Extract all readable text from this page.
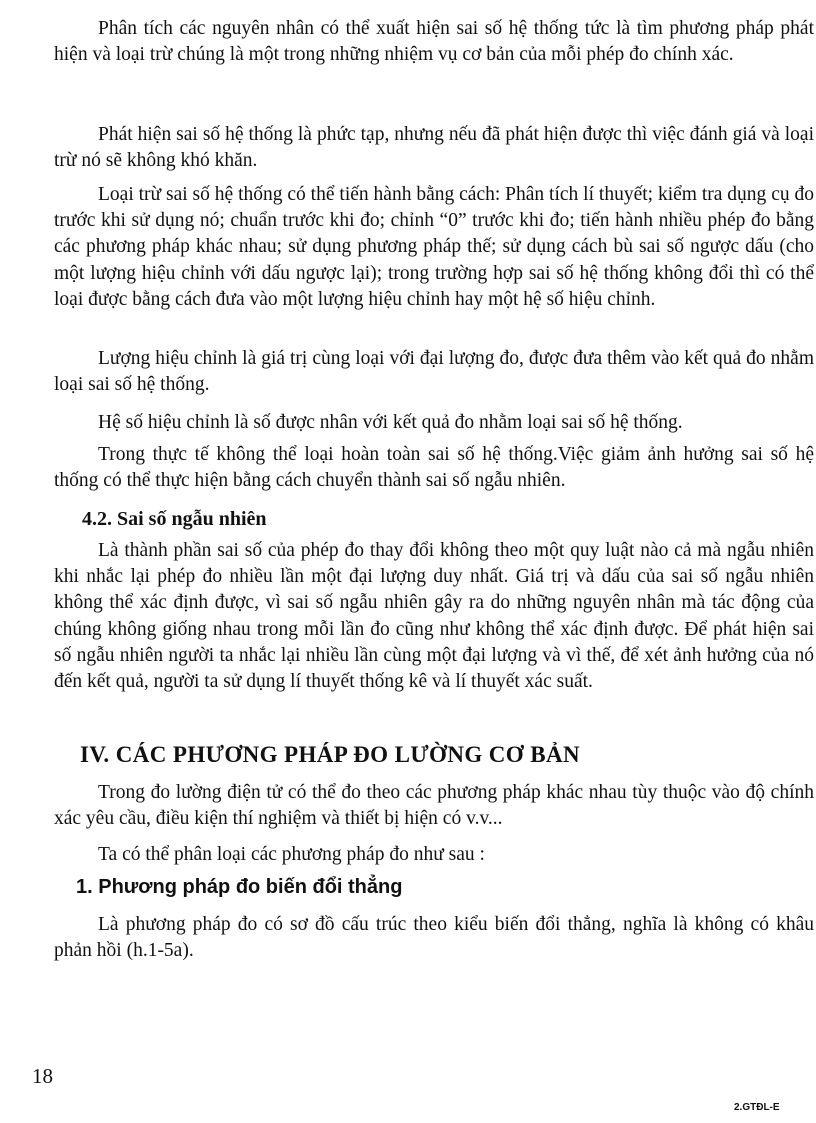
Phân tích các nguyên nhân có thể xuất hiện sai số hệ thống tức là tìm phương pháp phát hiện và loại trừ chúng là một trong những nhiệm vụ cơ bản của mỗi phép đo chính xác.

Phát hiện sai số hệ thống là phức tạp, nhưng nếu đã phát hiện được thì việc đánh giá và loại trừ nó sẽ không khó khăn.

Loại trừ sai số hệ thống có thể tiến hành bằng cách: Phân tích lí thuyết; kiểm tra dụng cụ đo trước khi sử dụng nó; chuẩn trước khi đo; chỉnh “0” trước khi đo; tiến hành nhiều phép đo bằng các phương pháp khác nhau; sử dụng phương pháp thế; sử dụng cách bù sai số ngược dấu (cho một lượng hiệu chỉnh với dấu ngược lại); trong trường hợp sai số hệ thống không đổi thì có thể loại được bằng cách đưa vào một lượng hiệu chỉnh hay một hệ số hiệu chỉnh.

Lượng hiệu chỉnh là giá trị cùng loại với đại lượng đo, được đưa thêm vào kết quả đo nhằm loại sai số hệ thống.

Hệ số hiệu chỉnh là số được nhân với kết quả đo nhằm loại sai số hệ thống.

Trong thực tế không thể loại hoàn toàn sai số hệ thống.Việc giảm ảnh hưởng sai số hệ thống có thể thực hiện bằng cách chuyển thành sai số ngẫu nhiên.

4.2. Sai số ngẫu nhiên

Là thành phần sai số của phép đo thay đổi không theo một quy luật nào cả mà ngẫu nhiên khi nhắc lại phép đo nhiều lần một đại lượng duy nhất. Giá trị và dấu của sai số ngẫu nhiên không thể xác định được, vì sai số ngẫu nhiên gây ra do những nguyên nhân mà tác động của chúng không giống nhau trong mỗi lần đo cũng như không thể xác định được. Để phát hiện sai số ngẫu nhiên người ta nhắc lại nhiều lần cùng một đại lượng và vì thế, để xét ảnh hưởng của nó đến kết quả, người ta sử dụng lí thuyết thống kê và lí thuyết xác suất.

IV. CÁC PHƯƠNG PHÁP ĐO LƯỜNG CƠ BẢN

Trong đo lường điện tử có thể đo theo các phương pháp khác nhau tùy thuộc vào độ chính xác yêu cầu, điều kiện thí nghiệm và thiết bị hiện có v.v...

Ta có thể phân loại các phương pháp đo như sau :

1. Phương pháp đo biến đổi thẳng

Là phương pháp đo có sơ đồ cấu trúc theo kiểu biến đổi thẳng, nghĩa là không có khâu phản hồi (h.1-5a).

18
2.GTĐL-E
